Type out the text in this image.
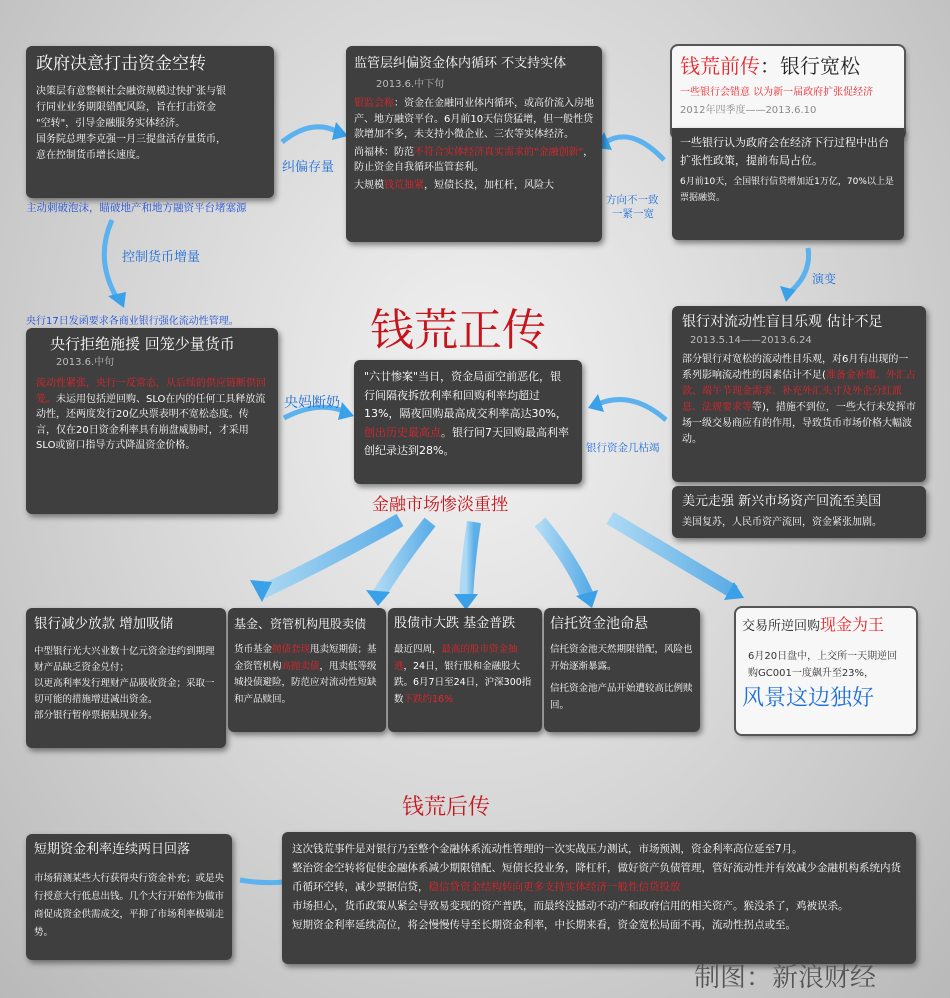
政府决意打击资金空转
决策层有意整顿社会融资规模过快扩张与银
行同业业务期限错配风险，旨在打击资金
"空转"，引导金融服务实体经济。
国务院总理李克强一月三提盘活存量货币，
意在控制货币增长速度。
监管层纠偏资金体内循环 不支持实体
2013.6.中下旬
银监会称：资金在金融同业体内循环，或高价流入房地产、地方融资平台。6月前10天信贷猛增，但一般性贷款增加不多，未支持小微企业、三农等实体经济。
尚福林：防范不符合实体经济真实需求的"金融创新"，防止资金自我循环监管套利。
大规模钱荒抽紧，短债长投，加杠杆，风险大
钱荒前传：银行宽松
一些银行会错意 以为新一届政府扩张促经济
2012年四季度——2013.6.10
一些银行认为政府会在经济下行过程中出台扩张性政策，提前布局占位。
6月前10天，全国银行信贷增加近1万亿，70%以上是票据融资。
纠偏存量
方向不一致
一紧一宽
演变
主动刺破泡沫，瞄破地产和地方融资平台堵塞源
控制货币增量
央行17日发函要求各商业银行强化流动性管理。	钱荒正传
央行拒绝施援 回笼少量货币
2013.6.中旬
流动性紧张，央行一反常态，从后续的供应链断供回笼。未运用包括逆回购、SLO在内的任何工具释放流动性，还两度发行20亿央票表明不宽松态度。传言，仅在20日资金利率具有崩盘威胁时，才采用SLO或窗口指导方式降温资金价格。
央妈断奶
"六廿惨案"当日，资金局面空前恶化，银行间隔夜拆放利率和回购利率均超过13%，隔夜回购最高成交利率高达30%，创出历史最高点。银行间7天回购最高利率创纪录达到28%。	银行资金几枯竭
金融市场惨淡重挫
银行对流动性盲目乐观 估计不足
2013.5.14——2013.6.24
部分银行对宽松的流动性目乐观，对6月有出现的一系列影响流动性的因素估计不足(准备金补缴、外汇占款、端午节现金需求、补充外汇头寸及外企分红派息、法规要求等等)，措施不到位，一些大行未发挥市场一级交易商应有的作用，导致货币市场价格大幅波动。
美元走强 新兴市场资产回流至美国
美国复苏，人民币资产流回，资金紧张加剧。
银行减少放款 增加吸储
中型银行光大兴业数十亿元资金违约到期理财产品缺乏资金兑付；
以更高利率发行理财产品吸收资金；采取一切可能的措施增进减出资金。
部分银行暂停票据贴现业务。
基金、资管机构甩股卖债
货币基金抛债套现甩卖短期债；基金资管机构高抛卖债，甩卖低等级城投债避险，防范应对流动性短缺和产品赎回。
股债市大跌 基金普跌
最近四周，最高的股市资金抽逃，24日，银行股和金融股大跌。6月7日至24日，沪深300指数下跌约16%
信托资金池命悬
信托资金池天然期限错配，风险也开始逐渐暴露。
信托资金池产品开始遭较高比例赎回。
交易所逆回购现金为王
6月20日盘中，上交所一天期逆回购GC001一度飙升至23%，
风景这边独好
钱荒后传
短期资金利率连续两日回落
市场猜测某些大行获得央行资金补充；或是央行授意大行低息出钱。几个大行开始作为做市商促成资金供需成交，平抑了市场利率极端走势。
这次钱荒事件是对银行乃至整个金融体系流动性管理的一次实战压力测试，市场预测，资金利率高位延至7月。
整治资金空转将促使金融体系减少期限错配、短债长投业务，降杠杆，做好资产负债管理，管好流动性并有效减少金融机构系统内货币循环空转，减少票据信贷，稳信贷资金结构转向更多支持实体经济一般性信贷投放
市场担心，货币政策从紧会导致易变现的资产普跌，而最终没撼动不动产和政府信用的相关资产。猴没杀了，鸡被误杀。
短期资金利率延续高位，将会慢慢传导至长期资金利率，中长期来看，资金宽松局面不再，流动性拐点或至。
制图：新浪财经
